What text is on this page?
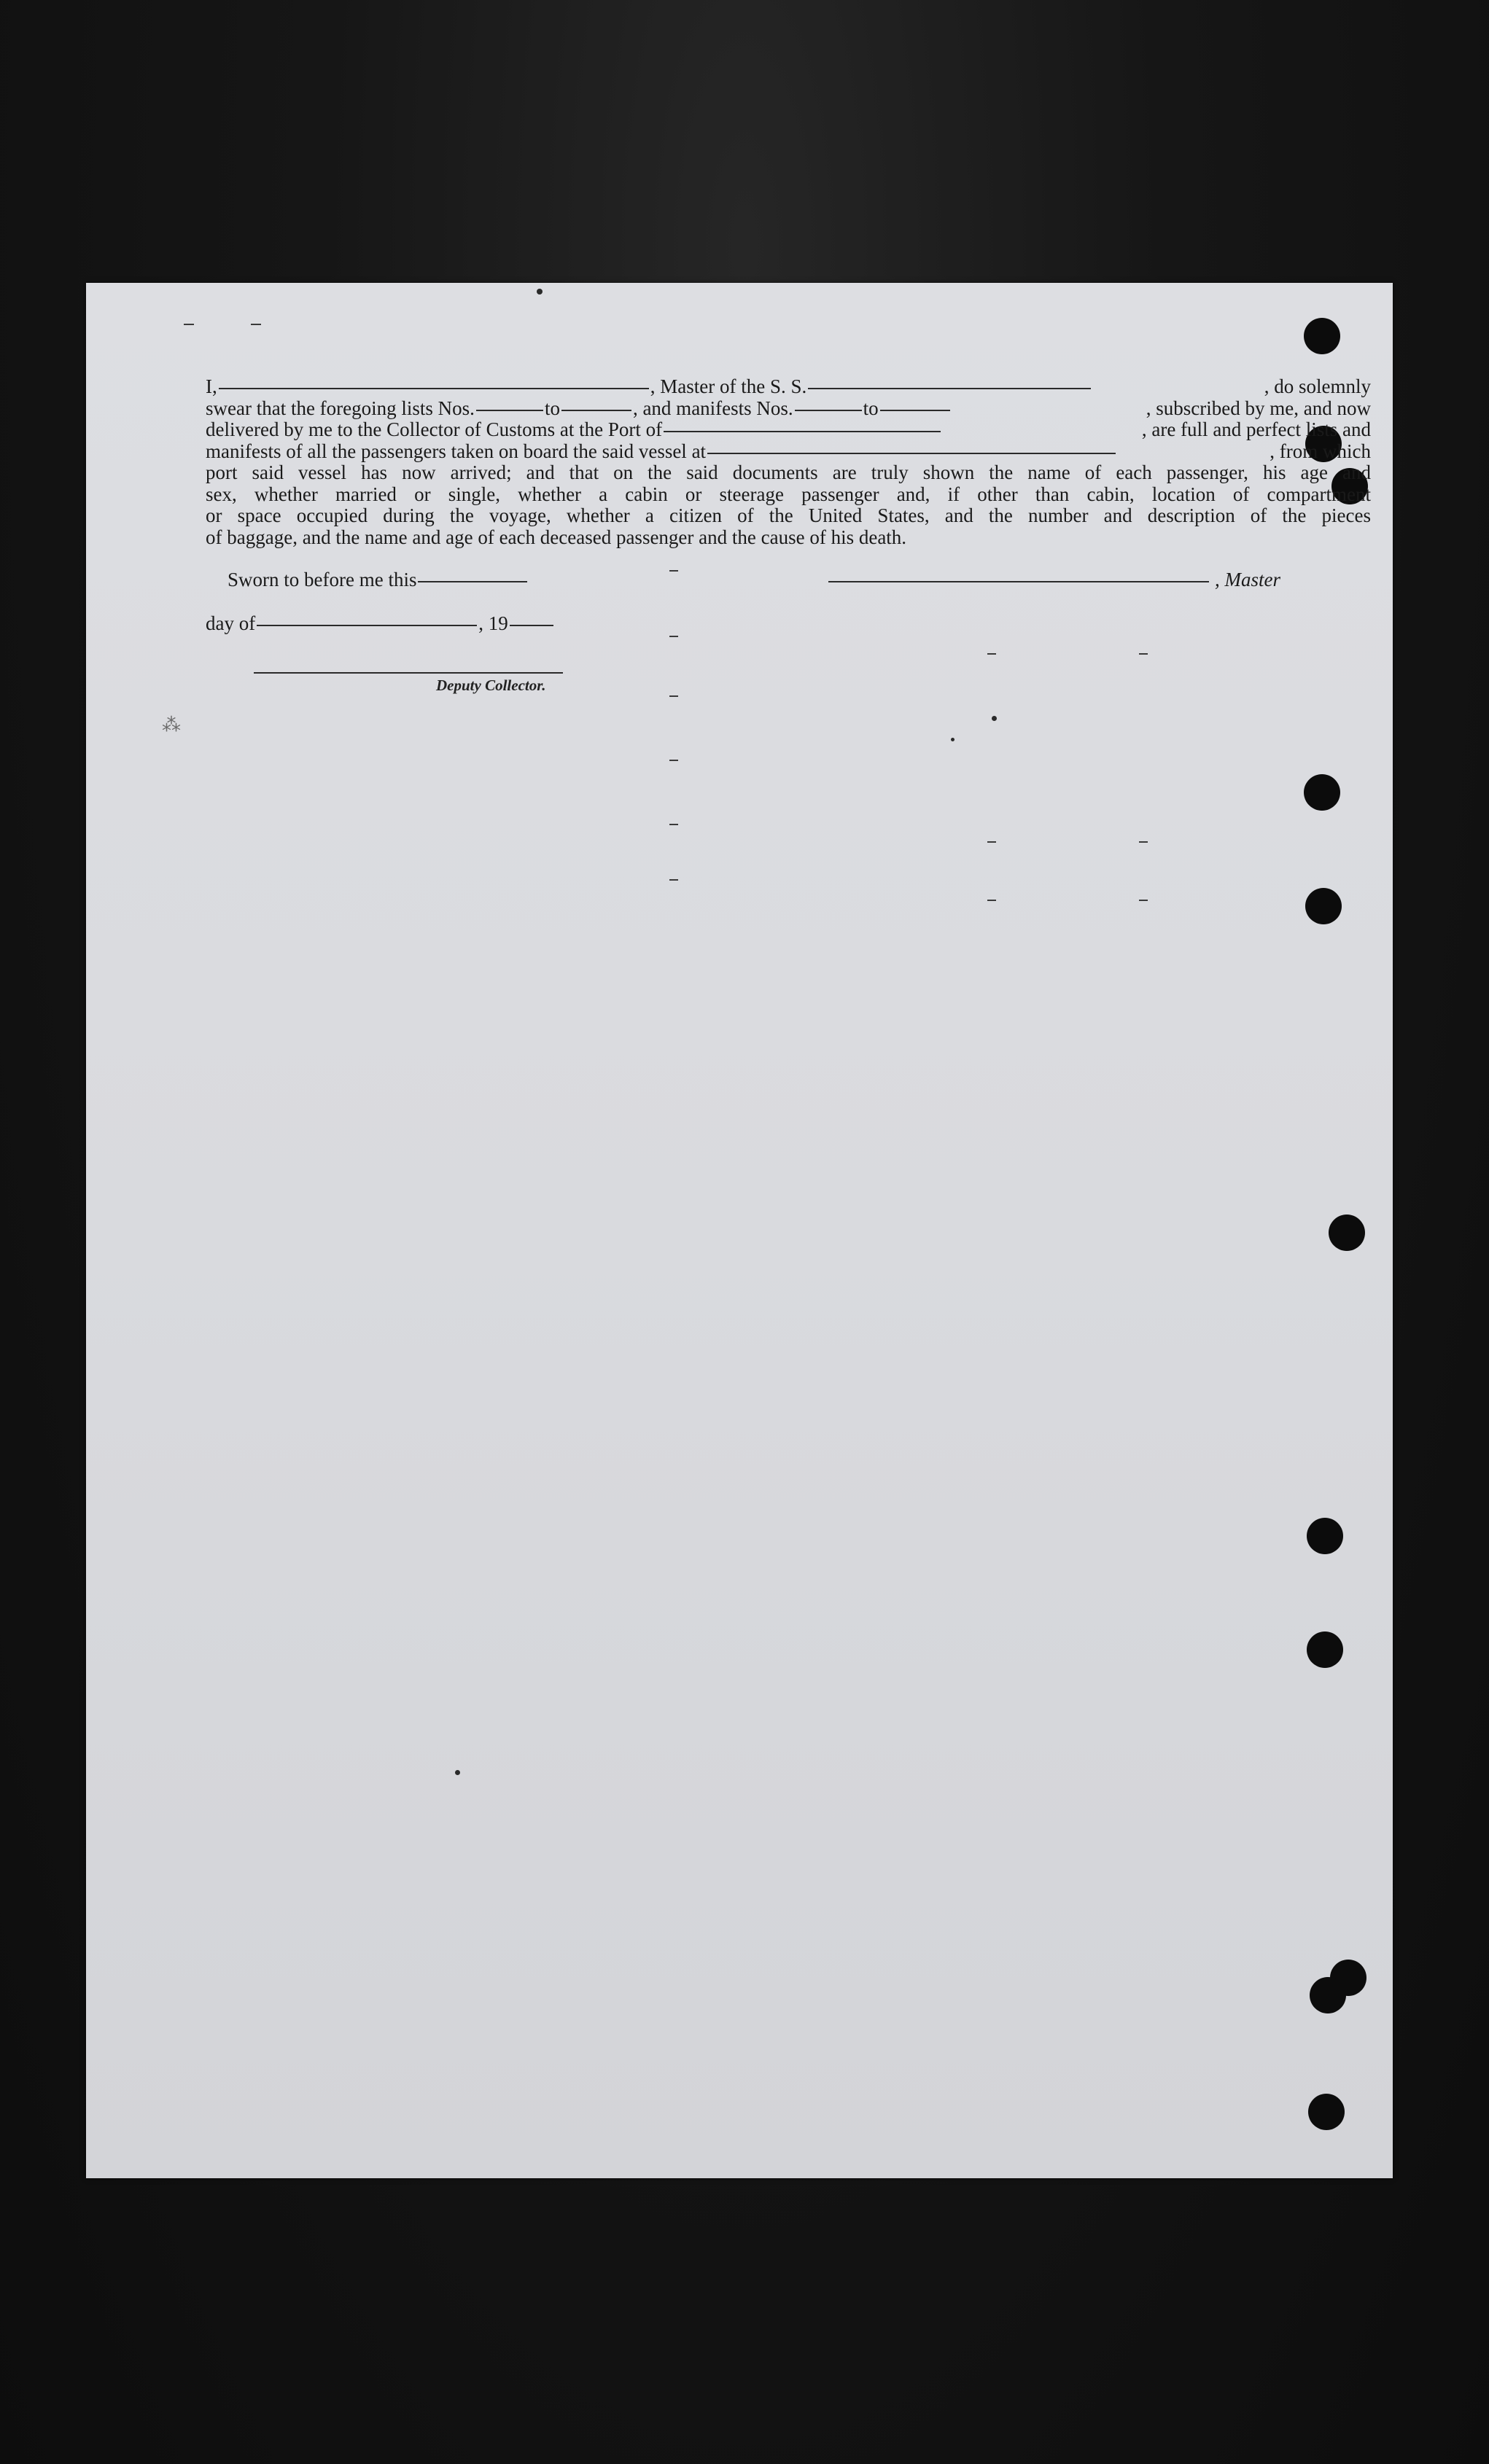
⁂
I,	, Master of the S. S.	, do solemnly
swear that the foregoing lists Nos.	to	, and manifests Nos.	to	, subscribed by me, and now
delivered by me to the Collector of Customs at the Port of	, are full and perfect lists and
manifests of all the passengers taken on board the said vessel at	, from which
port said vessel has now arrived; and that on the said documents are truly shown the name of each passenger, his age and
sex, whether married or single, whether a cabin or steerage passenger and, if other than cabin, location of compartment
or space occupied during the voyage, whether a citizen of the United States, and the number and description of the pieces
of baggage, and the name and age of each deceased passenger and the cause of his death.
Sworn to before me this	, Master
day of	, 19
Deputy Collector.
